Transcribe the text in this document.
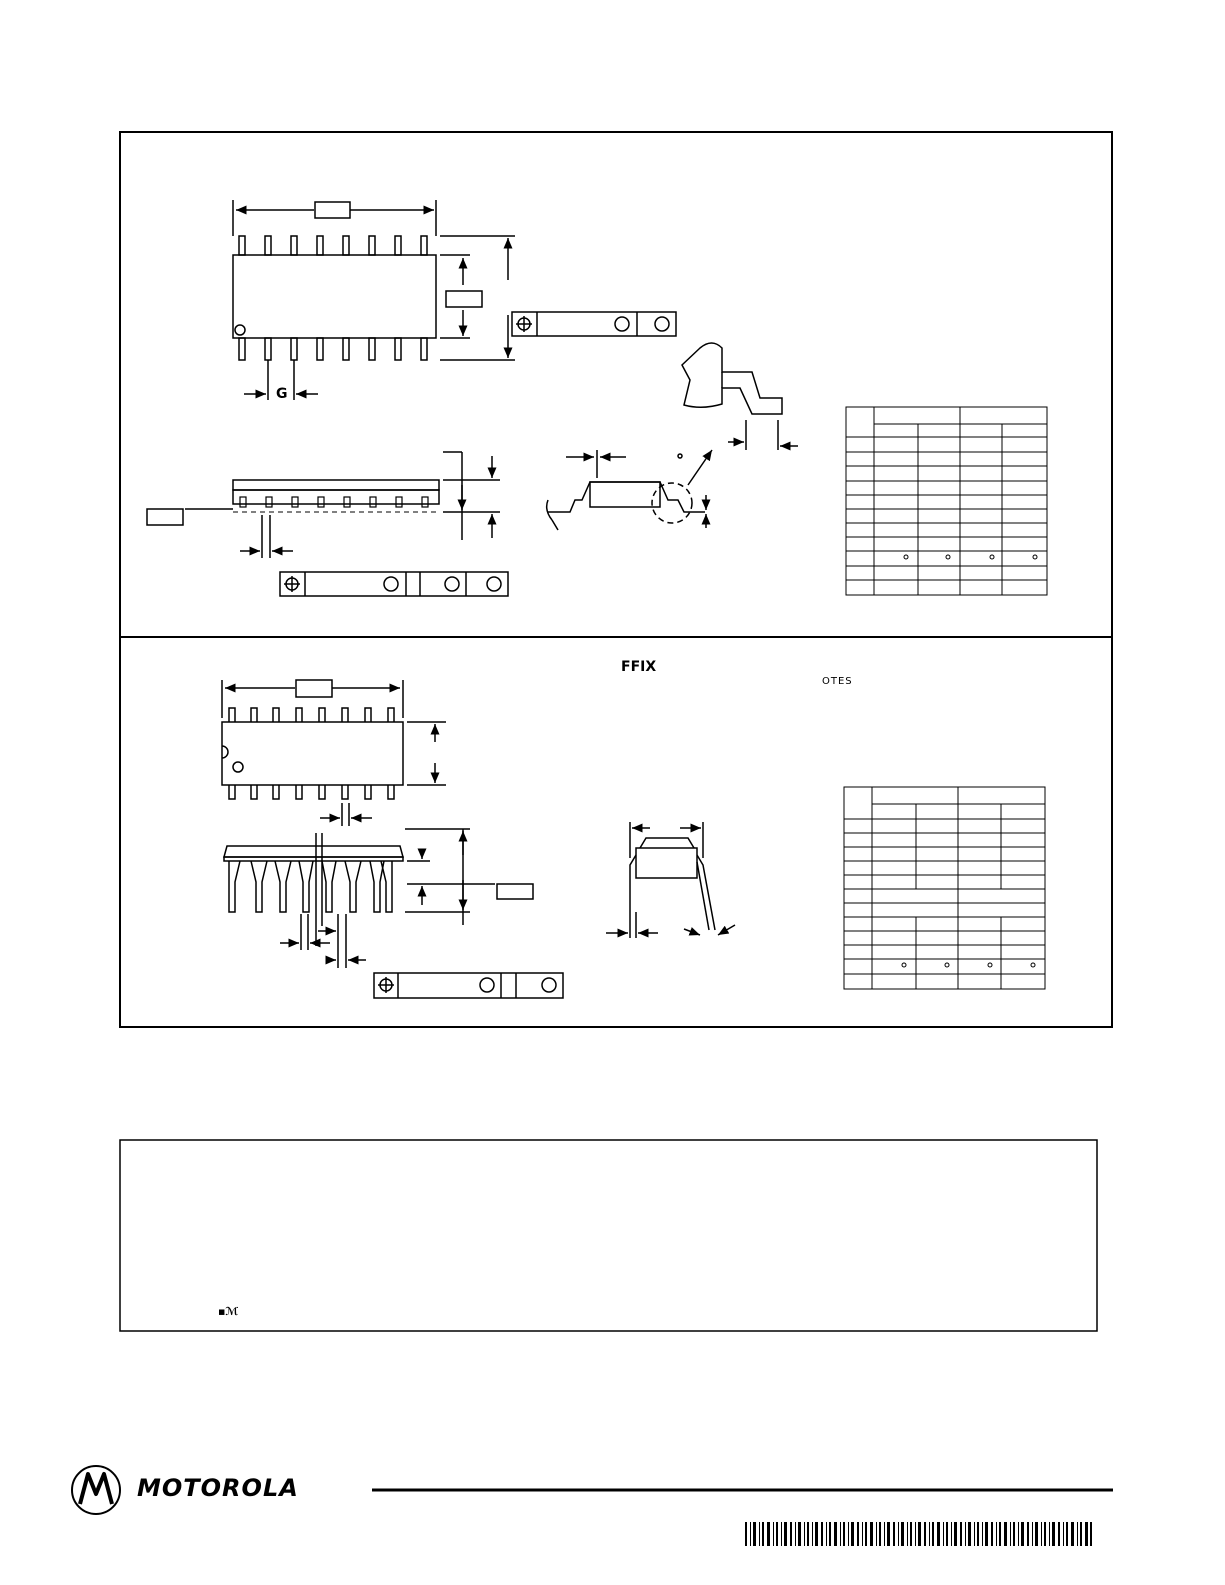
G
FFIX
OTES
▪ℳ
MOTOROLA
